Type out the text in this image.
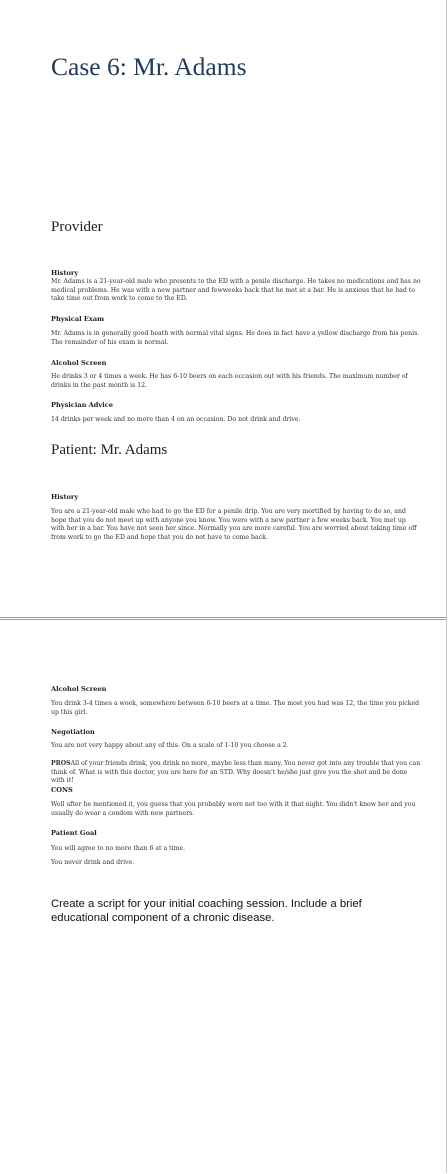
Case 6: Mr. Adams
Provider
History

Mr. Adams is a 21-year-old male who presents to the ED with a penile discharge. He takes no medications and has no medical problems. He was with a new partner and fewweeks back that he met at a bar. He is anxious that he had to take time out from work to come to the ED.

Physical Exam

Mr. Adams is in generally good heath with normal vital signs. He does in fact have a yellow discharge from his penis. The remainder of his exam is normal.

Alcohol Screen

He drinks 3 or 4 times a week. He has 6-10 beers on each occasion out with his friends. The maximum number of drinks in the past month is 12.

Physician Advice

14 drinks per week and no more than 4 on an occasion. Do not drink and drive.

Patient: Mr. Adams
History

You are a 21-year-old male who had to go the ED for a penile drip. You are very mortified by having to do so, and hope that you do not meet up with anyone you know. You were with a new partner a few weeks back. You met up with her in a bar. You have not seen her since. Normally you are more careful. You are worried about taking time off from work to go the ED and hope that you do not have to come back.

Alcohol Screen

You drink 3-4 times a week, somewhere between 6-10 beers at a time. The most you had was 12, the time you picked up this girl.

Negotiation

You are not very happy about any of this. On a scale of 1-10 you choose a 2.

PROSAll of your friends drink, you drink no more, maybe less than many. You never got into any trouble that you can think of. What is with this doctor, you are here for an STD. Why doesn't he/she just give you the shot and be done with it!

CONS

Well after he mentioned it, you guess that you probably were not too with it that night. You didn't know her and you usually do wear a condom with new partners.

Patient Goal

You will agree to no more than 6 at a time.

You never drink and drive.

Create a script for your initial coaching session. Include a brief educational component of a chronic disease.
